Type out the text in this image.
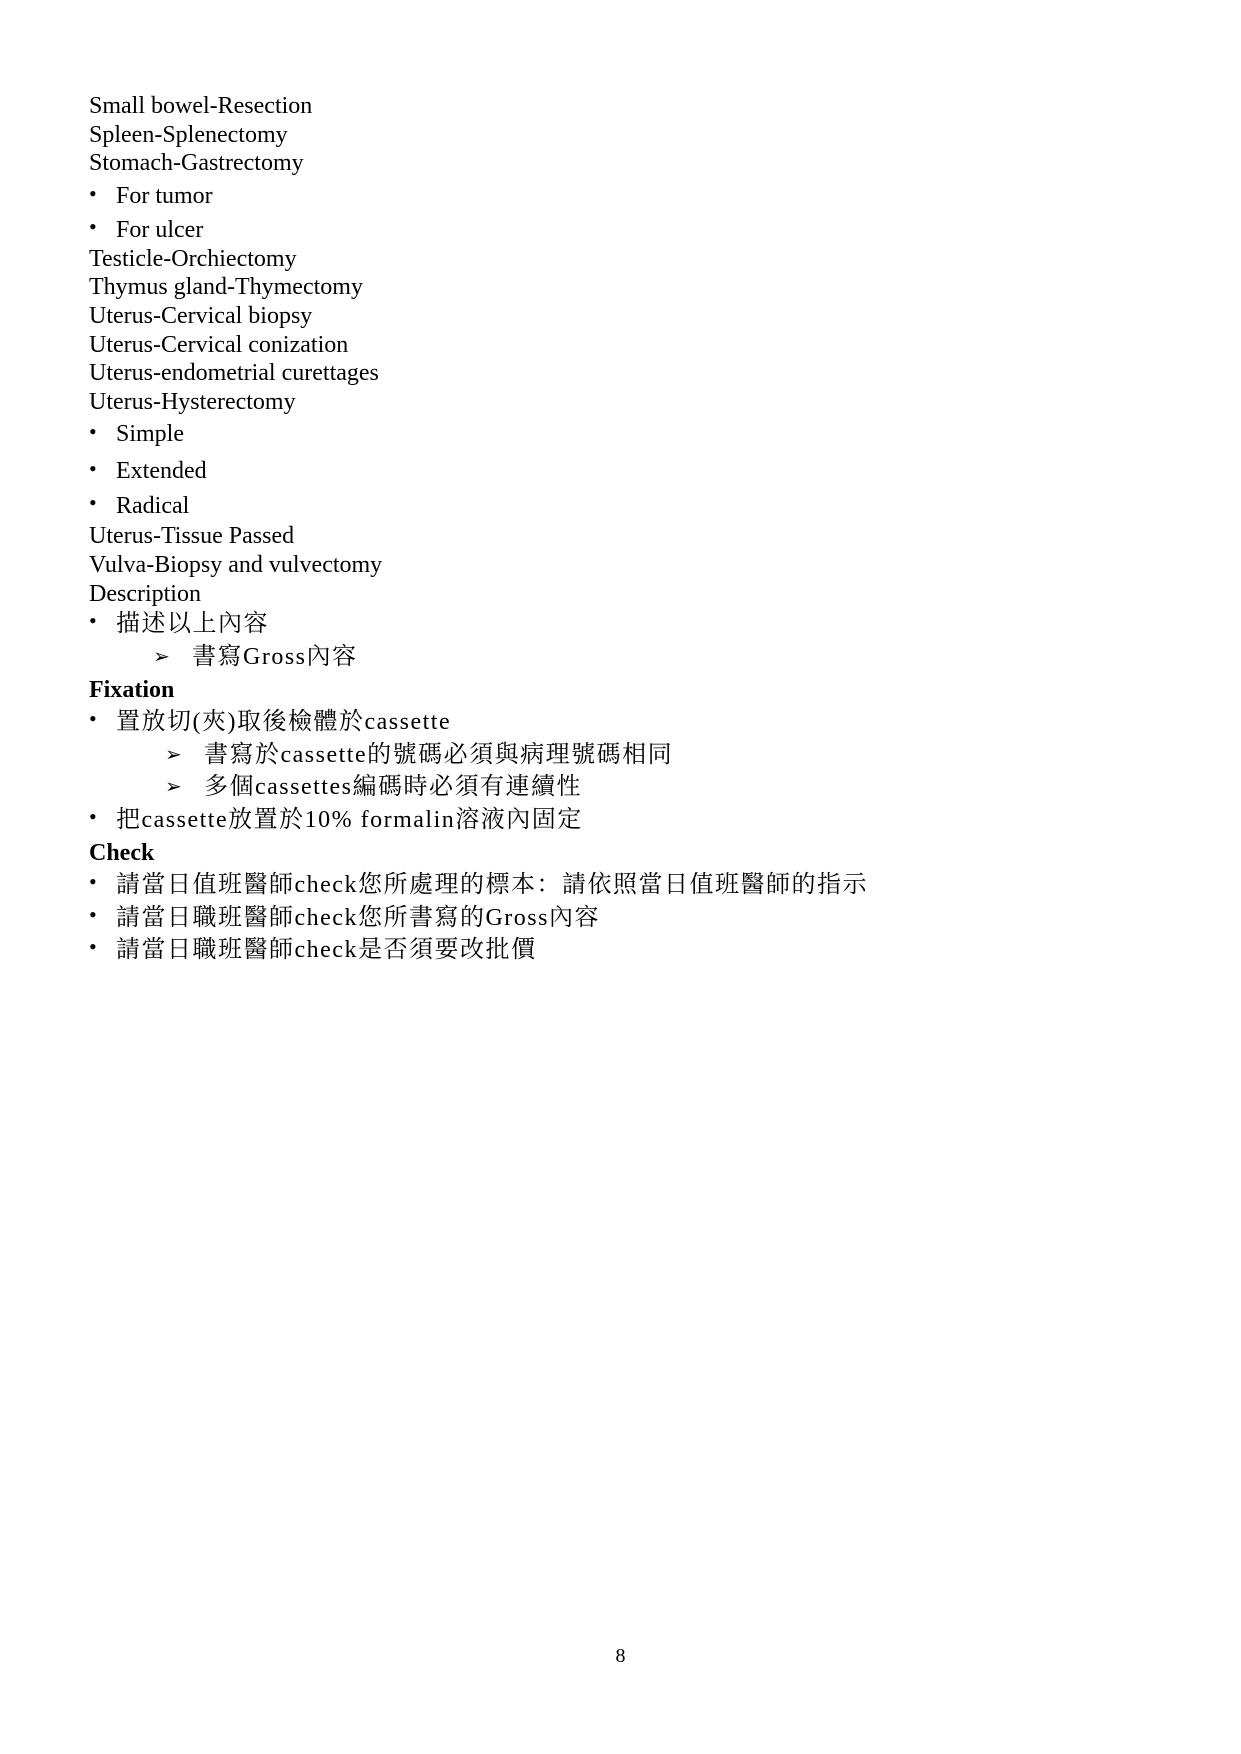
Small bowel-Resection
Spleen-Splenectomy
Stomach-Gastrectomy
• For tumor
• For ulcer
Testicle-Orchiectomy
Thymus gland-Thymectomy
Uterus-Cervical biopsy
Uterus-Cervical conization
Uterus-endometrial curettages
Uterus-Hysterectomy
• Simple
• Extended
• Radical
Uterus-Tissue Passed
Vulva-Biopsy and vulvectomy
Description
• 描述以上內容
➢ 書寫Gross內容
Fixation
• 置放切(夾)取後檢體於cassette
➢ 書寫於cassette的號碼必須與病理號碼相同
➢ 多個cassettes編碼時必須有連續性
• 把cassette放置於10% formalin溶液內固定
Check
• 請當日值班醫師check您所處理的標本：請依照當日值班醫師的指示
• 請當日職班醫師check您所書寫的Gross內容
• 請當日職班醫師check是否須要改批價
8
